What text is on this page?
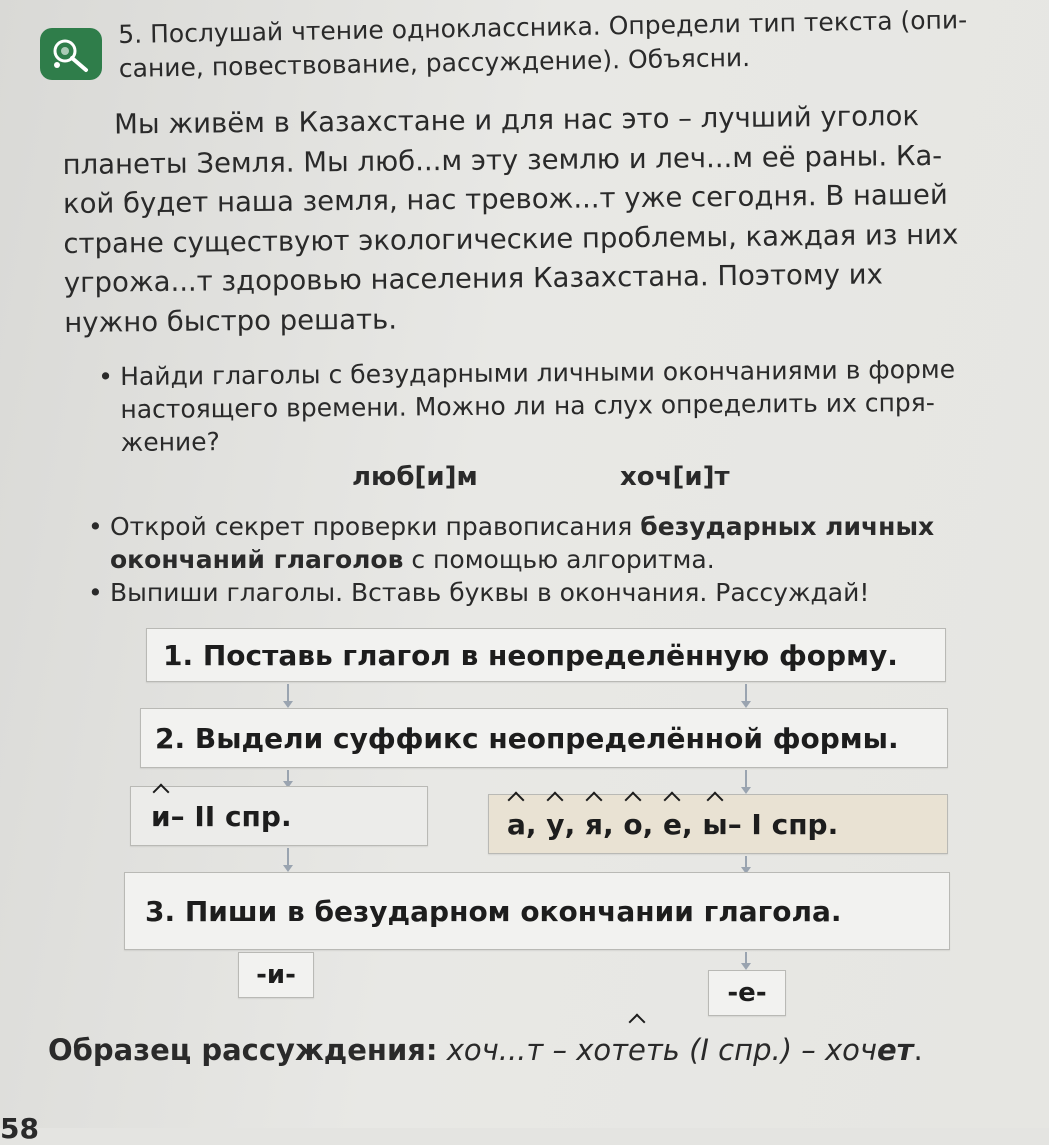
5. Послушай чтение одноклассника. Определи тип текста (опи-
сание, повествование, рассуждение). Объясни.
Мы живём в Казахстане и для нас это – лучший уголок
планеты Земля. Мы люб...м эту землю и леч...м её раны. Ка-
кой будет наша земля, нас тревож...т уже сегодня. В нашей
стране существуют экологические проблемы, каждая из них
угрожа...т здоровью населения Казахстана. Поэтому их
нужно быстро решать.
• Найди глаголы с безударными личными окончаниями в форме
настоящего времени. Можно ли на слух определить их спря-
жение?
люб[и]м	хоч[и]т
• Открой секрет проверки правописания безударных личных
окончаний глаголов с помощью алгоритма.
• Выпиши глаголы. Вставь буквы в окончания. Рассуждай!
1. Поставь глагол в неопределённую форму.
2. Выдели суффикс неопределённой формы.
и – II спр.	а , у , я , о , е , ы – I спр.
3. Пиши в безударном окончании глагола.
-и-
-е-
Образец рассуждения: хоч...т – хотеть (I спр.) – хочет.
58
